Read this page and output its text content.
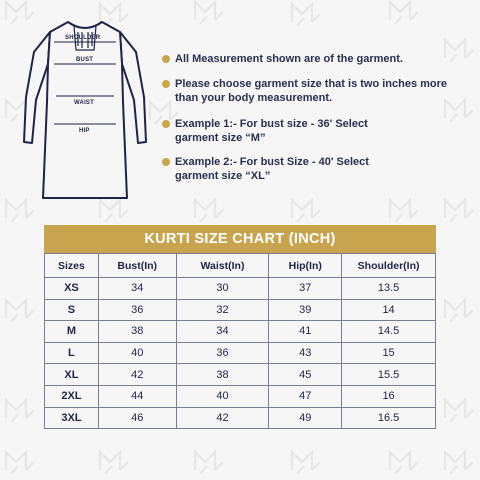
SHOULDER
BUST
WAIST
HIP
All Measurement shown are of the garment.
Please choose garment size that is two inches more than your body measurement.
Example 1:- For bust size - 36' Select garment size “M”
Example 2:- For bust Size - 40' Select garment size “XL”
KURTI SIZE CHART (INCH)
Sizes	Bust(In)	Waist(In)	Hip(In)	Shoulder(In)
XS	34	30	37	13.5
S	36	32	39	14
M	38	34	41	14.5
L	40	36	43	15
XL	42	38	45	15.5
2XL	44	40	47	16
3XL	46	42	49	16.5
